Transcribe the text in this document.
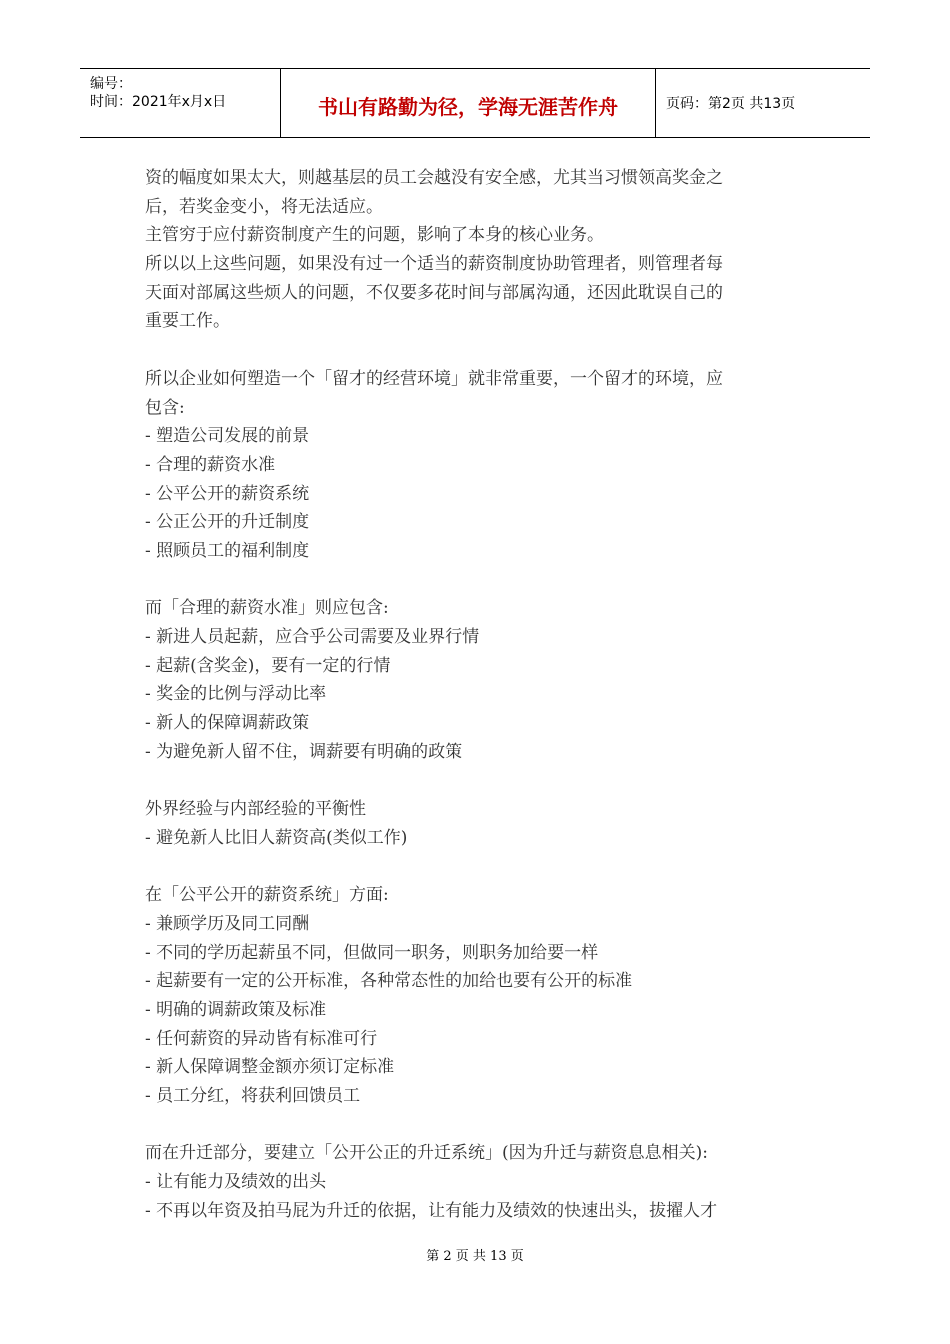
编号：
时间：2021年x月x日	书山有路勤为径，学海无涯苦作舟	页码：第2页 共13页
资的幅度如果太大，则越基层的员工会越没有安全感，尤其当习惯领高奖金之
后，若奖金变小，将无法适应。
主管穷于应付薪资制度产生的问题，影响了本身的核心业务。
所以以上这些问题，如果没有过一个适当的薪资制度协助管理者，则管理者每
天面对部属这些烦人的问题，不仅要多花时间与部属沟通，还因此耽误自己的
重要工作。
所以企业如何塑造一个「留才的经营环境」就非常重要，一个留才的环境，应
包含:
- 塑造公司发展的前景
- 合理的薪资水准
- 公平公开的薪资系统
- 公正公开的升迁制度
- 照顾员工的福利制度
而「合理的薪资水准」则应包含:
- 新进人员起薪，应合乎公司需要及业界行情
- 起薪(含奖金)，要有一定的行情
- 奖金的比例与浮动比率
- 新人的保障调薪政策
- 为避免新人留不住，调薪要有明确的政策
外界经验与内部经验的平衡性
- 避免新人比旧人薪资高(类似工作)
在「公平公开的薪资系统」方面:
- 兼顾学历及同工同酬
- 不同的学历起薪虽不同，但做同一职务，则职务加给要一样
- 起薪要有一定的公开标准，各种常态性的加给也要有公开的标准
- 明确的调薪政策及标准
- 任何薪资的异动皆有标准可行
- 新人保障调整金额亦须订定标准
- 员工分红，将获利回馈员工
而在升迁部分，要建立「公开公正的升迁系统」(因为升迁与薪资息息相关):
- 让有能力及绩效的出头
- 不再以年资及拍马屁为升迁的依据，让有能力及绩效的快速出头，拔擢人才
第 2 页 共 13 页
